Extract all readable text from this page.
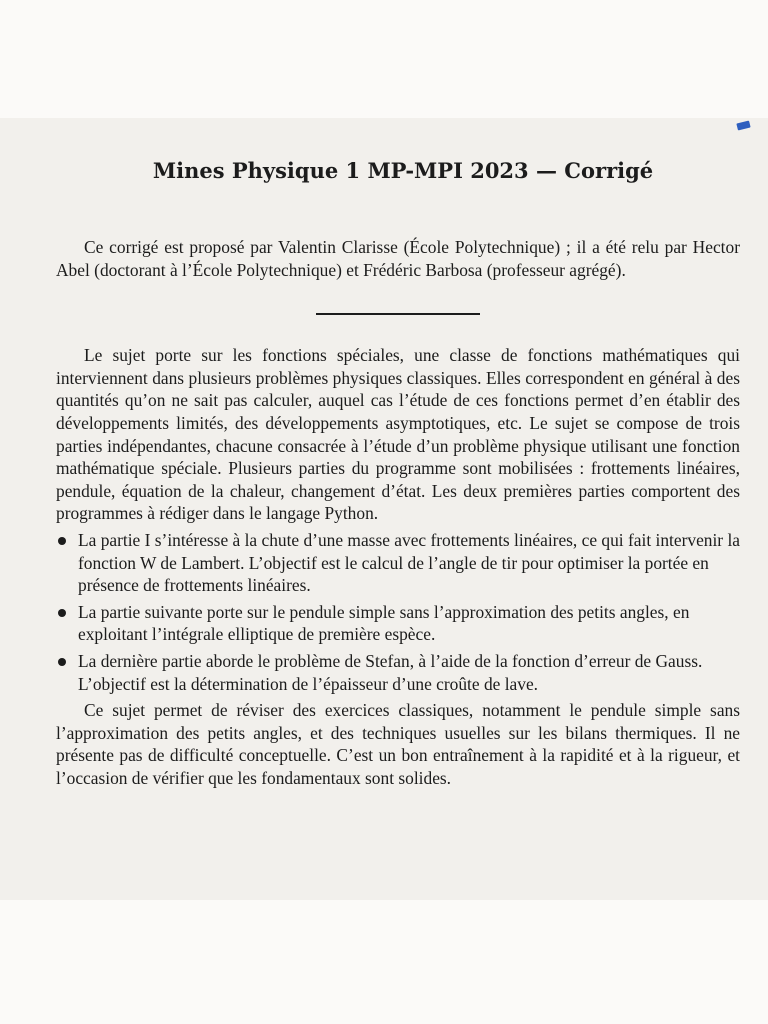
Mines Physique 1 MP-MPI 2023 — Corrigé

Ce corrigé est proposé par Valentin Clarisse (École Polytechnique) ; il a été relu par Hector Abel (doctorant à l’École Polytechnique) et Frédéric Barbosa (professeur agrégé).

Le sujet porte sur les fonctions spéciales, une classe de fonctions mathématiques qui interviennent dans plusieurs problèmes physiques classiques. Elles correspondent en général à des quantités qu’on ne sait pas calculer, auquel cas l’étude de ces fonctions permet d’en établir des développements limités, des développements asymptotiques, etc. Le sujet se compose de trois parties indépendantes, chacune consacrée à l’étude d’un problème physique utilisant une fonction mathématique spéciale. Plusieurs parties du programme sont mobilisées : frottements linéaires, pendule, équation de la chaleur, changement d’état. Les deux premières parties comportent des programmes à rédiger dans le langage Python.

La partie I s’intéresse à la chute d’une masse avec frottements linéaires, ce qui fait intervenir la fonction W de Lambert. L’objectif est le calcul de l’angle de tir pour optimiser la portée en présence de frottements linéaires.
La partie suivante porte sur le pendule simple sans l’approximation des petits angles, en exploitant l’intégrale elliptique de première espèce.
La dernière partie aborde le problème de Stefan, à l’aide de la fonction d’erreur de Gauss. L’objectif est la détermination de l’épaisseur d’une croûte de lave.

Ce sujet permet de réviser des exercices classiques, notamment le pendule simple sans l’approximation des petits angles, et des techniques usuelles sur les bilans thermiques. Il ne présente pas de difficulté conceptuelle. C’est un bon entraînement à la rapidité et à la rigueur, et l’occasion de vérifier que les fondamentaux sont solides.
